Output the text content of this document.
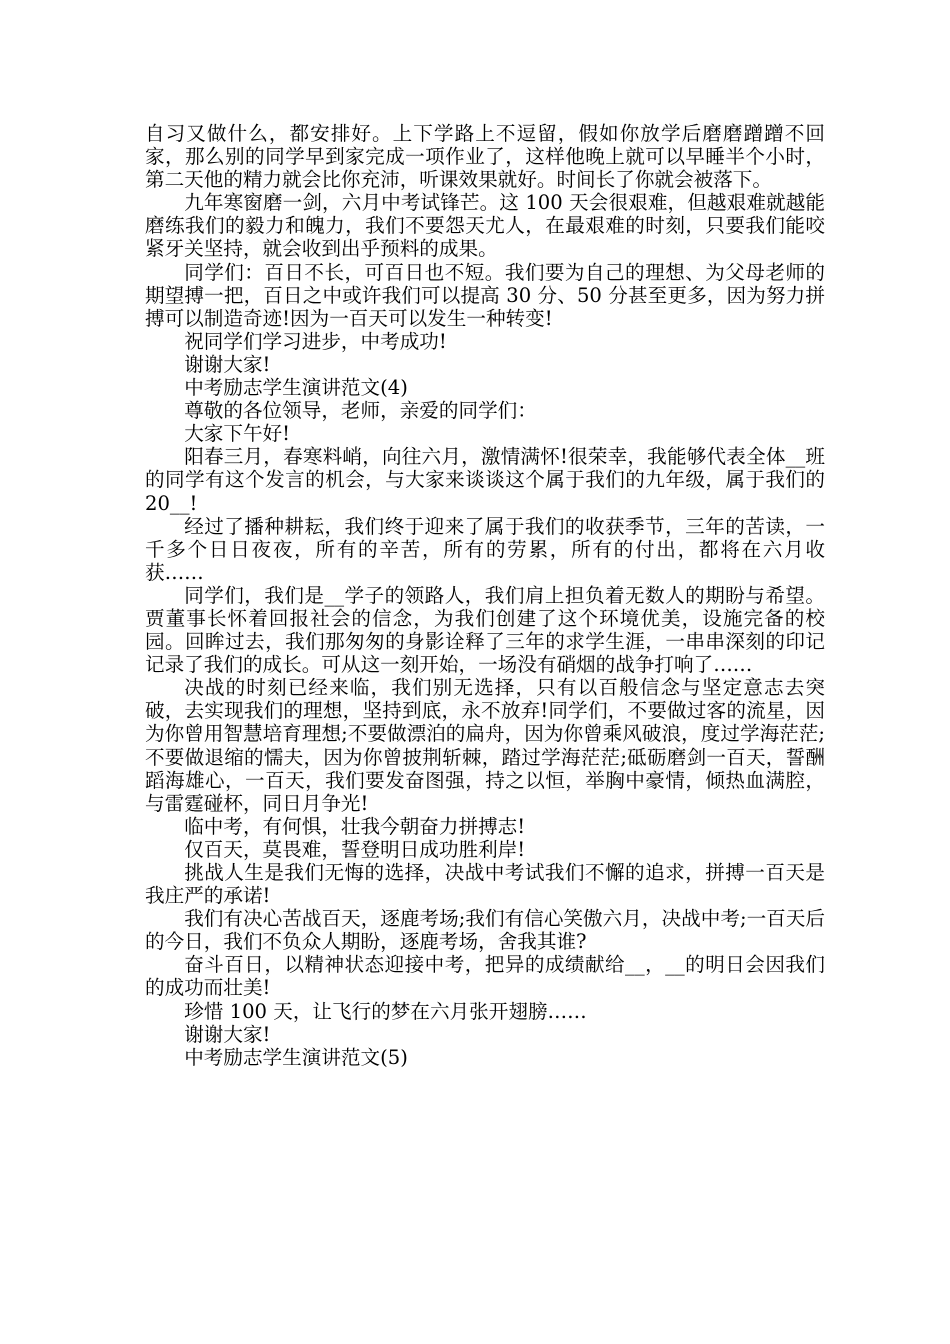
自习又做什么，都安排好。上下学路上不逗留，假如你放学后磨磨蹭蹭不回家，那么别的同学早到家完成一项作业了，这样他晚上就可以早睡半个小时，第二天他的精力就会比你充沛，听课效果就好。时间长了你就会被落下。

九年寒窗磨一剑，六月中考试锋芒。这 100 天会很艰难，但越艰难就越能磨练我们的毅力和魄力，我们不要怨天尤人，在最艰难的时刻，只要我们能咬紧牙关坚持，就会收到出乎预料的成果。

同学们：百日不长，可百日也不短。我们要为自己的理想、为父母老师的期望搏一把，百日之中或许我们可以提高 30 分、50 分甚至更多，因为努力拼搏可以制造奇迹!因为一百天可以发生一种转变!

祝同学们学习进步，中考成功!

谢谢大家!

中考励志学生演讲范文(4)

尊敬的各位领导，老师，亲爱的同学们：

大家下午好!

阳春三月，春寒料峭，向往六月，激情满怀!很荣幸，我能够代表全体__班的同学有这个发言的机会，与大家来谈谈这个属于我们的九年级，属于我们的 20__!

经过了播种耕耘，我们终于迎来了属于我们的收获季节，三年的苦读，一千多个日日夜夜，所有的辛苦，所有的劳累，所有的付出，都将在六月收获……

同学们，我们是__学子的领路人，我们肩上担负着无数人的期盼与希望。贾董事长怀着回报社会的信念，为我们创建了这个环境优美，设施完备的校园。回眸过去，我们那匆匆的身影诠释了三年的求学生涯，一串串深刻的印记记录了我们的成长。可从这一刻开始，一场没有硝烟的战争打响了……

决战的时刻已经来临，我们别无选择，只有以百般信念与坚定意志去突破，去实现我们的理想，坚持到底，永不放弃!同学们，不要做过客的流星，因为你曾用智慧培育理想;不要做漂泊的扁舟，因为你曾乘风破浪，度过学海茫茫;不要做退缩的懦夫，因为你曾披荆斩棘，踏过学海茫茫;砥砺磨剑一百天，誓酬蹈海雄心，一百天，我们要发奋图强，持之以恒，举胸中豪情，倾热血满腔，与雷霆碰杯，同日月争光!

临中考，有何惧，壮我今朝奋力拼搏志!

仅百天，莫畏难，誓登明日成功胜利岸!

挑战人生是我们无悔的选择，决战中考试我们不懈的追求，拼搏一百天是我庄严的承诺!

我们有决心苦战百天，逐鹿考场;我们有信心笑傲六月，决战中考;一百天后的今日，我们不负众人期盼，逐鹿考场，舍我其谁?

奋斗百日，以精神状态迎接中考，把异的成绩献给__，__的明日会因我们的成功而壮美!

珍惜 100 天，让飞行的梦在六月张开翅膀……

谢谢大家!

中考励志学生演讲范文(5)
